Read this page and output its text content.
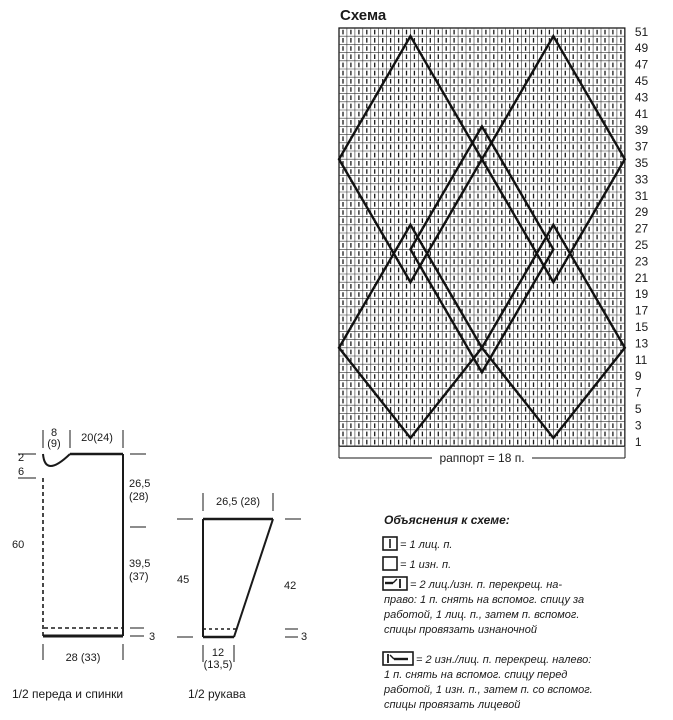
Схема
51
49
47
45
43
41
39
37
35
33
31
29
27
25
23
21
19
17
15
13
11
9
7
5
3
1
раппорт = 18 п.
8
(9) 20(24)
2
6
26,5
(28)
39,5
(37)
60
3
28 (33)
1/2 переда и спинки
26,5 (28)
45	42
3
12
(13,5)
1/2 рукава
Объяснения к схеме:
= 1 лиц. п.
= 1 изн. п.
= 2 лиц./изн. п. перекрещ. на-
право: 1 п. снять на вспомог. спицу за
работой, 1 лиц. п., затем п. вспомог.
спицы провязать изнаночной
= 2 изн./лиц. п. перекрещ. налево:
1 п. снять на вспомог. спицу перед
работой, 1 изн. п., затем п. со вспомог.
спицы провязать лицевой
